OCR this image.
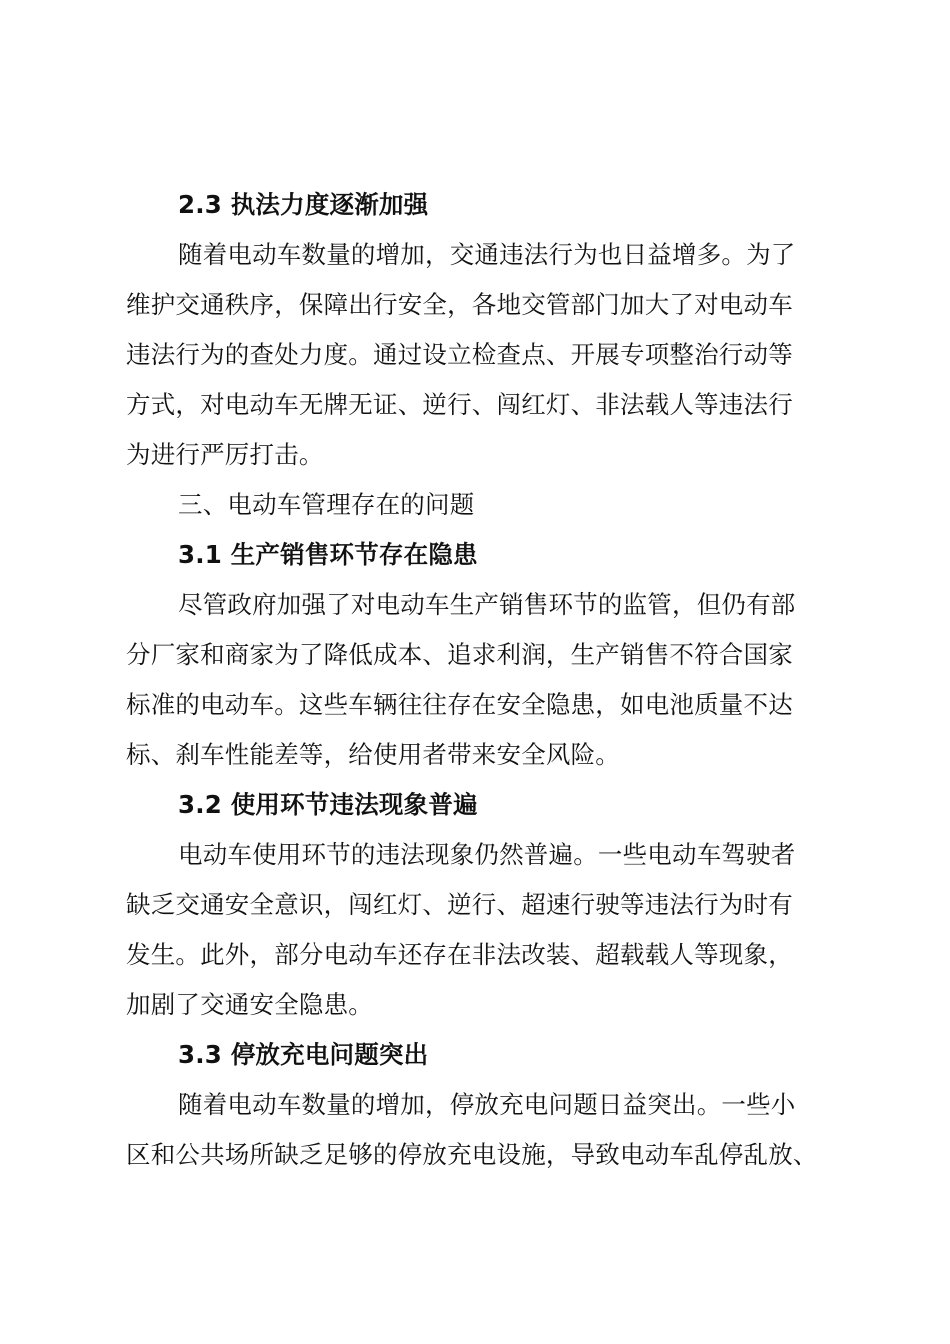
2.3 执法力度逐渐加强
随着电动车数量的增加，交通违法行为也日益增多。为了
维护交通秩序，保障出行安全，各地交管部门加大了对电动车
违法行为的查处力度。通过设立检查点、开展专项整治行动等
方式，对电动车无牌无证、逆行、闯红灯、非法载人等违法行
为进行严厉打击。
三、电动车管理存在的问题
3.1 生产销售环节存在隐患
尽管政府加强了对电动车生产销售环节的监管，但仍有部
分厂家和商家为了降低成本、追求利润，生产销售不符合国家
标准的电动车。这些车辆往往存在安全隐患，如电池质量不达
标、刹车性能差等，给使用者带来安全风险。
3.2 使用环节违法现象普遍
电动车使用环节的违法现象仍然普遍。一些电动车驾驶者
缺乏交通安全意识，闯红灯、逆行、超速行驶等违法行为时有
发生。此外，部分电动车还存在非法改装、超载载人等现象，
加剧了交通安全隐患。
3.3 停放充电问题突出
随着电动车数量的增加，停放充电问题日益突出。一些小
区和公共场所缺乏足够的停放充电设施，导致电动车乱停乱放、
